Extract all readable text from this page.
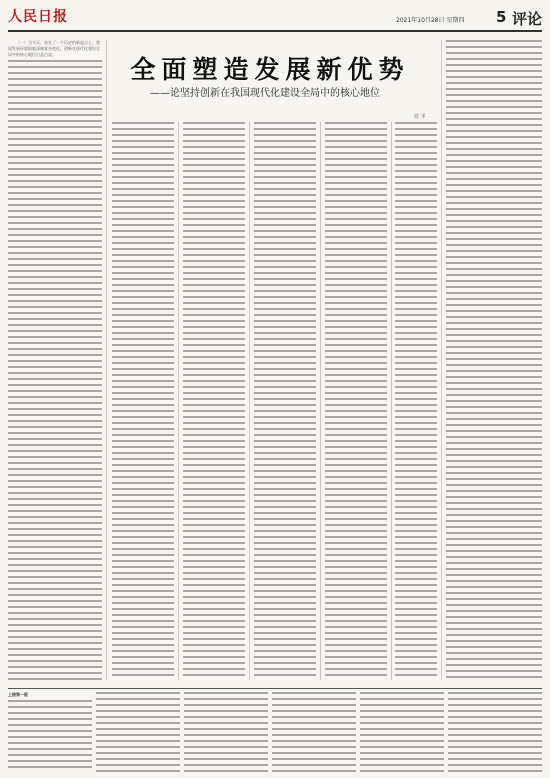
人民日报	2021年10月28日 星期四 5 评论
全面塑造发展新优势
——论坚持创新在我国现代化建设全局中的核心地位
任 平

（一）当今天，站在了一个历史的新起点上，我国发展环境面临深刻复杂变化，创新在现代化建设全局中的核心地位日益凸显。

上接第一版
